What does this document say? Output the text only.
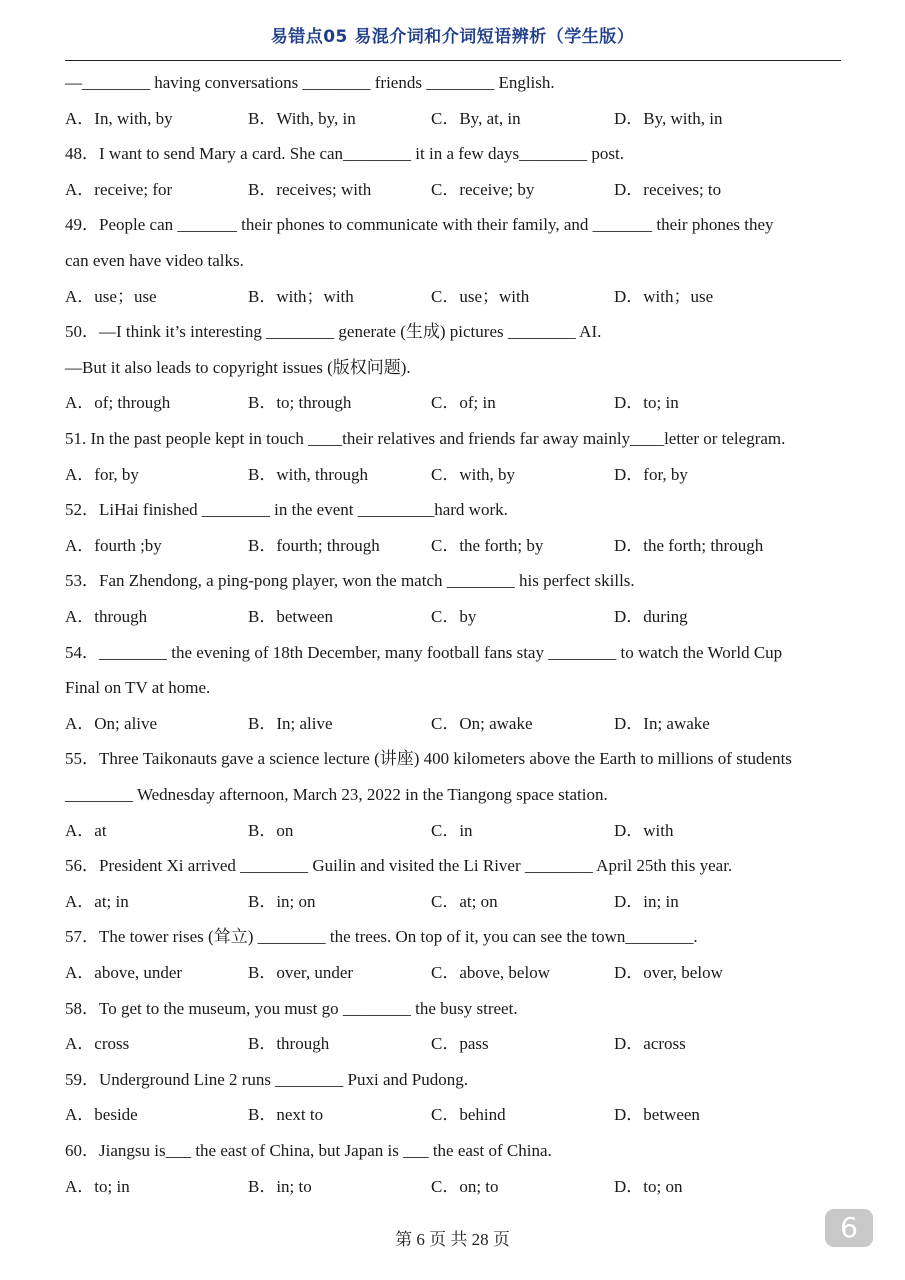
易错点05 易混介词和介词短语辨析（学生版）
—________ having conversations ________ friends ________ English.
A．In, with, by	B．With, by, in	C．By, at, in	D．By, with, in
48．I want to send Mary a card. She can________ it in a few days________ post.
A．receive; for	B．receives; with	C．receive; by	D．receives; to
49．People can _______ their phones to communicate with their family, and _______ their phones they
can even have video talks.
A．use；use	B．with；with	C．use；with	D．with；use
50．—I think it’s interesting ________ generate (生成) pictures ________ AI.
—But it also leads to copyright issues (版权问题).
A．of; through	B．to; through	C．of; in	D．to; in
51. In the past people kept in touch ____their relatives and friends far away mainly____letter or telegram.
A．for, by	B．with, through	C．with, by	D．for, by
52．LiHai finished ________ in the event _________hard work.
A．fourth ;by	B．fourth; through	C．the forth; by	D．the forth; through
53．Fan Zhendong, a ping-pong player, won the match ________ his perfect skills.
A．through	B．between	C．by	D．during
54．________ the evening of 18th December, many football fans stay ________ to watch the World Cup
Final on TV at home.
A．On; alive	B．In; alive	C．On; awake	D．In; awake
55．Three Taikonauts gave a science lecture (讲座) 400 kilometers above the Earth to millions of students
________ Wednesday afternoon, March 23, 2022 in the Tiangong space station.
A．at	B．on	C．in	D．with
56．President Xi arrived ________ Guilin and visited the Li River ________ April 25th this year.
A．at; in	B．in; on	C．at; on	D．in; in
57．The tower rises (耸立) ________ the trees. On top of it, you can see the town________.
A．above, under	B．over, under	C．above, below	D．over, below
58．To get to the museum, you must go ________ the busy street.
A．cross	B．through	C．pass	D．across
59．Underground Line 2 runs ________ Puxi and Pudong.
A．beside	B．next to	C．behind	D．between
60．Jiangsu is___ the east of China, but Japan is ___ the east of China.
A．to; in	B．in; to	C．on; to	D．to; on
第 6 页 共 28 页	6
